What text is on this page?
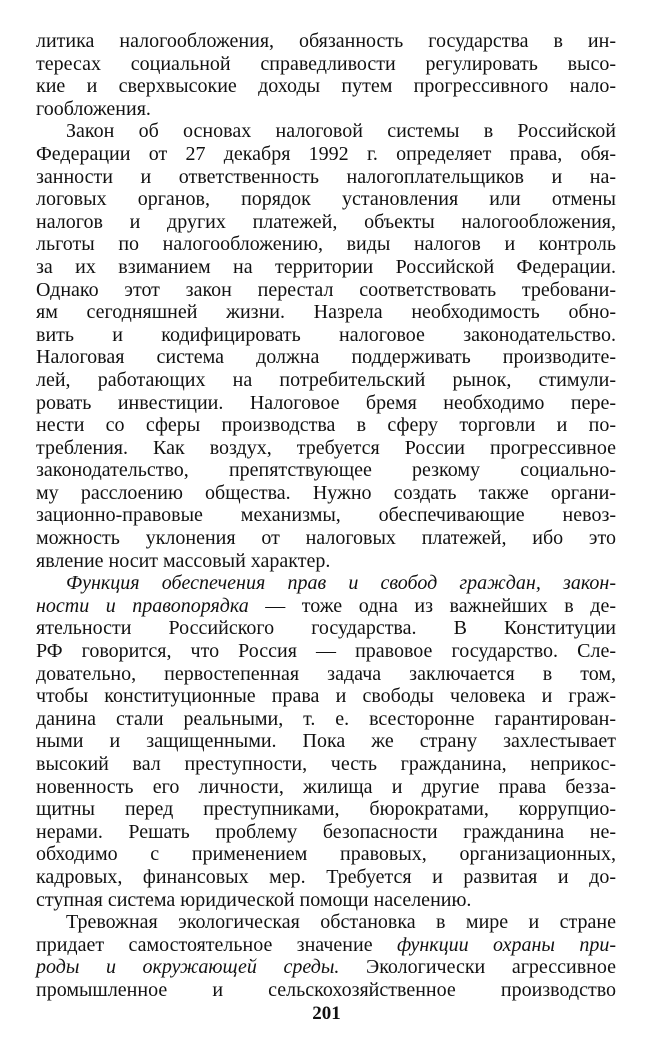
литика налогообложения, обязанность государства в ин-
тересах социальной справедливости регулировать высо-
кие и сверхвысокие доходы путем прогрессивного нало-
гообложения.
Закон об основах налоговой системы в Российской
Федерации от 27 декабря 1992 г. определяет права, обя-
занности и ответственность налогоплательщиков и на-
логовых органов, порядок установления или отмены
налогов и других платежей, объекты налогообложения,
льготы по налогообложению, виды налогов и контроль
за их взиманием на территории Российской Федерации.
Однако этот закон перестал соответствовать требовани-
ям сегодняшней жизни. Назрела необходимость обно-
вить и кодифицировать налоговое законодательство.
Налоговая система должна поддерживать производите-
лей, работающих на потребительский рынок, стимули-
ровать инвестиции. Налоговое бремя необходимо пере-
нести со сферы производства в сферу торговли и по-
требления. Как воздух, требуется России прогрессивное
законодательство, препятствующее резкому социально-
му расслоению общества. Нужно создать также органи-
зационно-правовые механизмы, обеспечивающие невоз-
можность уклонения от налоговых платежей, ибо это
явление носит массовый характер.
Функция обеспечения прав и свобод граждан, закон-
ности и правопорядка — тоже одна из важнейших в де-
ятельности Российского государства. В Конституции
РФ говорится, что Россия — правовое государство. Сле-
довательно, первостепенная задача заключается в том,
чтобы конституционные права и свободы человека и граж-
данина стали реальными, т. е. всесторонне гарантирован-
ными и защищенными. Пока же страну захлестывает
высокий вал преступности, честь гражданина, неприкос-
новенность его личности, жилища и другие права безза-
щитны перед преступниками, бюрократами, коррупцио-
нерами. Решать проблему безопасности гражданина не-
обходимо с применением правовых, организационных,
кадровых, финансовых мер. Требуется и развитая и до-
ступная система юридической помощи населению.
Тревожная экологическая обстановка в мире и стране
придает самостоятельное значение функции охраны при-
роды и окружающей среды. Экологически агрессивное
промышленное и сельскохозяйственное производство
201
